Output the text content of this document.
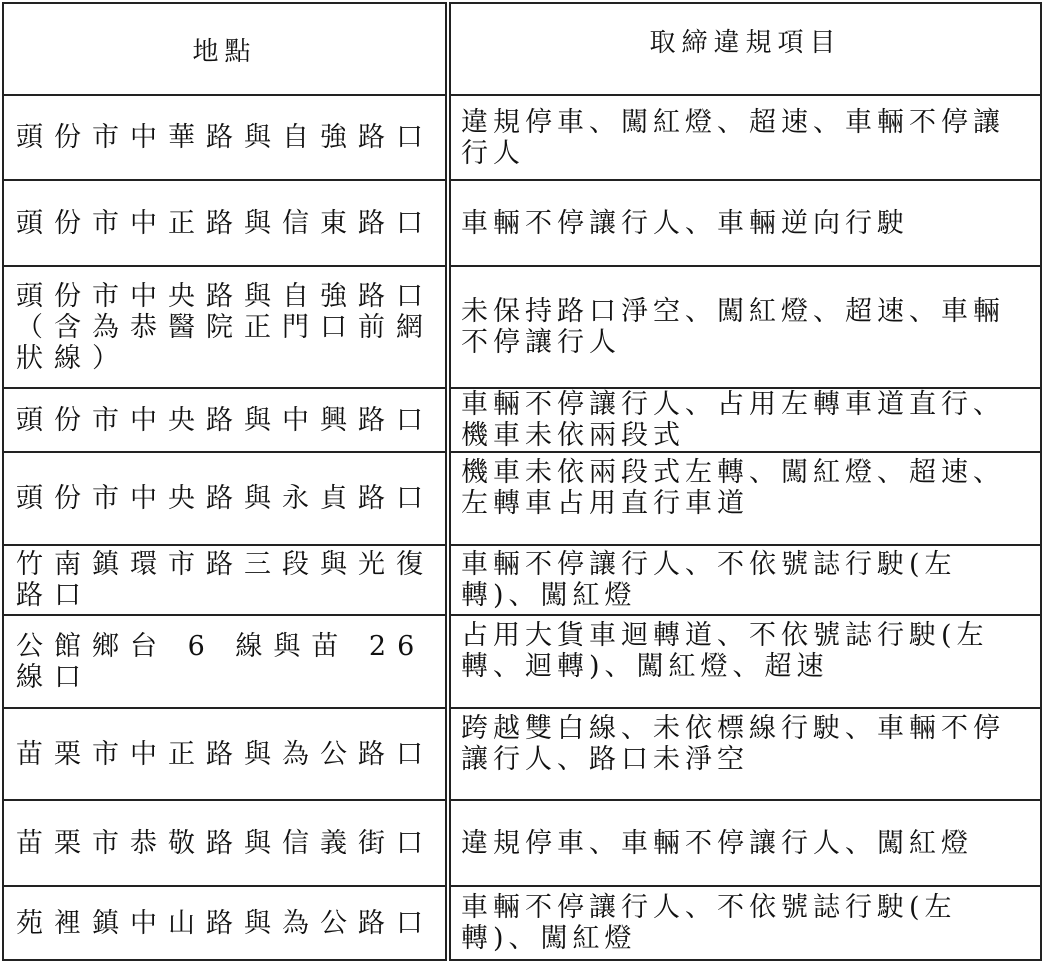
地點	取締違規項目
頭份市中華路與自強路口	違規停車、闖紅燈、超速、車輛不停讓行人
頭份市中正路與信東路口	車輛不停讓行人、車輛逆向行駛
頭份市中央路與自強路口（含為恭醫院正門口前網狀線）	未保持路口淨空、闖紅燈、超速、車輛不停讓行人
頭份市中央路與中興路口	車輛不停讓行人、占用左轉車道直行、機車未依兩段式
頭份市中央路與永貞路口	機車未依兩段式左轉、闖紅燈、超速、左轉車占用直行車道
竹南鎮環市路三段與光復路口	車輛不停讓行人、不依號誌行駛(左轉)、闖紅燈
公館鄉台 6 線與苗 26 線口	占用大貨車迴轉道、不依號誌行駛(左轉、迴轉)、闖紅燈、超速
苗栗市中正路與為公路口	跨越雙白線、未依標線行駛、車輛不停讓行人、路口未淨空
苗栗市恭敬路與信義街口	違規停車、車輛不停讓行人、闖紅燈
苑裡鎮中山路與為公路口	車輛不停讓行人、不依號誌行駛(左轉)、闖紅燈
